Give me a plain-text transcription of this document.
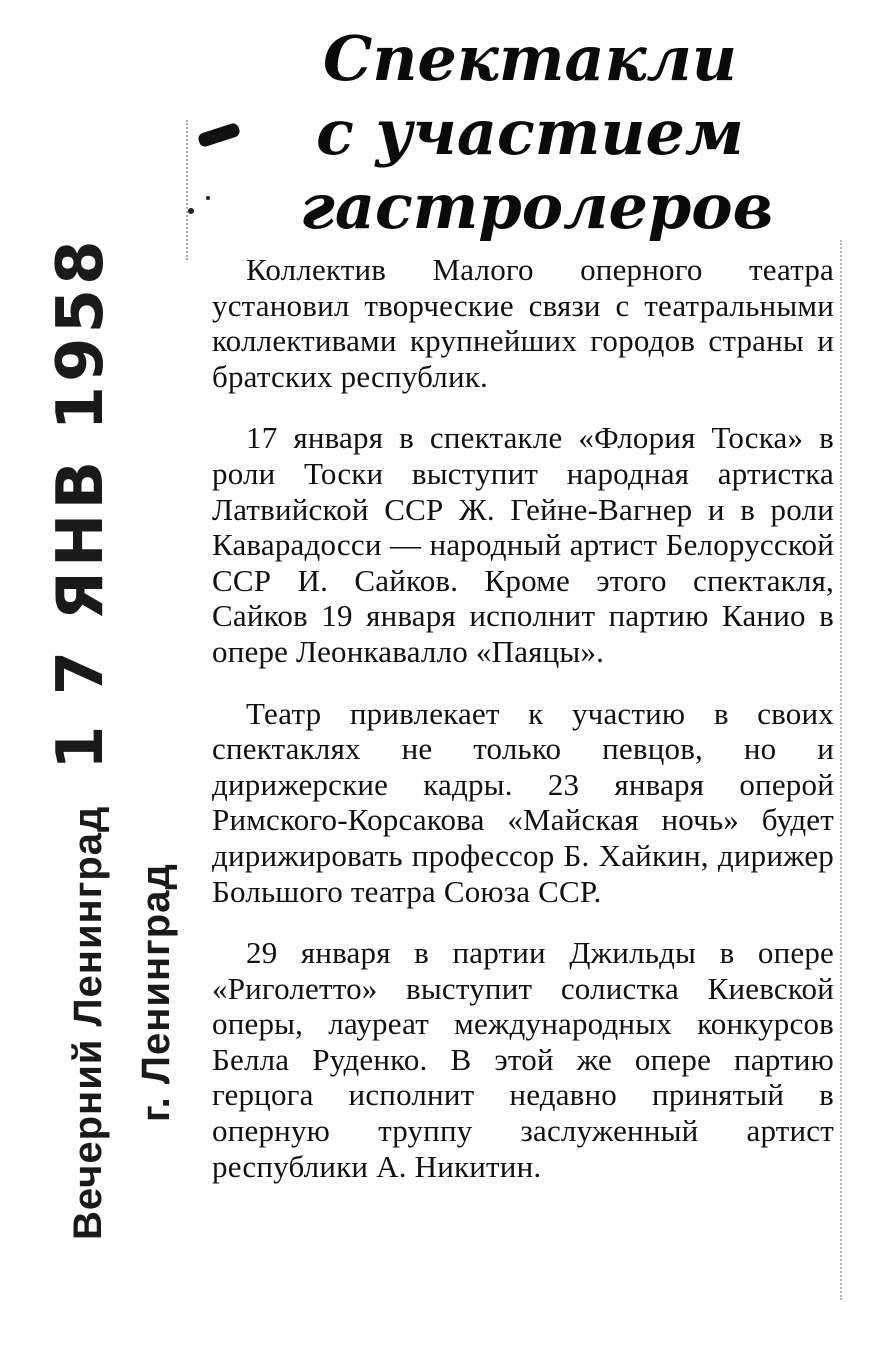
Спектакли
с участием
гастролеров

Коллектив Малого оперного театра установил творческие связи с театральными коллективами крупнейших городов страны и братских республик.

17 января в спектакле «Флория Тоска» в роли Тоски выступит народная артистка Латвийской ССР Ж. Гейне-Вагнер и в роли Каварадосси — народный артист Белорусской ССР И. Сайков. Кроме этого спектакля, Сайков 19 января исполнит партию Канио в опере Леонкавалло «Паяцы».

Театр привлекает к участию в своих спектаклях не только певцов, но и дирижерские кадры. 23 января оперой Римского-Корсакова «Майская ночь» будет дирижировать профессор Б. Хайкин, дирижер Большого театра Союза ССР.

29 января в партии Джильды в опере «Риголетто» выступит солистка Киевской оперы, лауреат международных конкурсов Белла Руденко. В этой же опере партию герцога исполнит недавно принятый в оперную труппу заслуженный артист республики А. Никитин.

Вечерний Ленинград
1 7 ЯНВ 1958
г. Ленинград
